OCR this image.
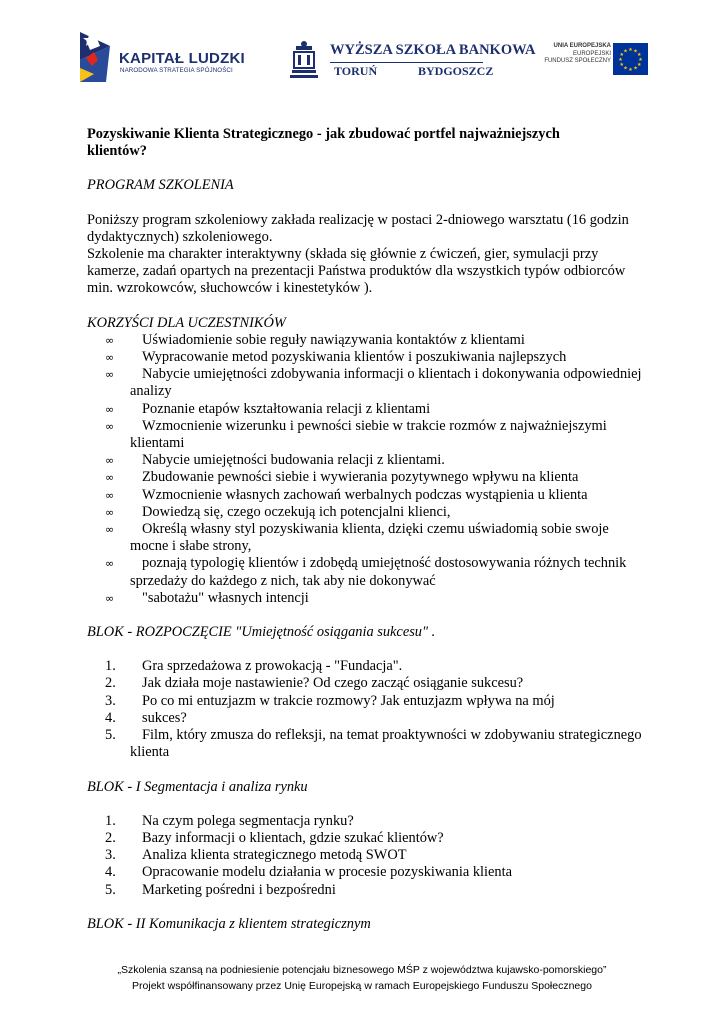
KAPITAŁ LUDZKI
NARODOWA STRATEGIA SPÓJNOŚCI
WYŻSZA SZKOŁA BANKOWA
TORUŃ	BYDGOSZCZ
UNIA EUROPEJSKA
EUROPEJSKI
FUNDUSZ SPOŁECZNY
★ ★
★
★
★
★
★
★
★
★
★
★

Pozyskiwanie Klienta Strategicznego - jak zbudować portfel najważniejszych
klientów?

PROGRAM SZKOLENIA

Poniższy program szkoleniowy zakłada realizację w postaci 2-dniowego warsztatu (16 godzin
dydaktycznych) szkoleniowego.
Szkolenie ma charakter interaktywny (składa się głównie z ćwiczeń, gier, symulacji przy
kamerze, zadań opartych na prezentacji Państwa produktów dla wszystkich typów odbiorców
min. wzrokowców, słuchowców i kinestetyków ).

KORZYŚCI DLA UCZESTNIKÓW

∞ Uświadomienie sobie reguły nawiązywania kontaktów z klientami
∞ Wypracowanie metod pozyskiwania klientów i poszukiwania najlepszych
∞ Nabycie umiejętności zdobywania informacji o klientach i dokonywania odpowiedniej analizy
∞ Poznanie etapów kształtowania relacji z klientami
∞ Wzmocnienie wizerunku i pewności siebie w trakcie rozmów z najważniejszymi klientami
∞ Nabycie umiejętności budowania relacji z klientami.
∞ Zbudowanie pewności siebie i wywierania pozytywnego wpływu na klienta
∞ Wzmocnienie własnych zachowań werbalnych podczas wystąpienia u klienta
∞ Dowiedzą się, czego oczekują ich potencjalni klienci,
∞ Określą własny styl pozyskiwania klienta, dzięki czemu uświadomią sobie swoje mocne i słabe strony,
∞ poznają typologię klientów i zdobędą umiejętność dostosowywania różnych technik sprzedaży do każdego z nich, tak aby nie dokonywać
∞ "sabotażu" własnych intencji

BLOK - ROZPOCZĘCIE "Umiejętność osiągania sukcesu" .

1. Gra sprzedażowa z prowokacją - "Fundacja".
2. Jak działa moje nastawienie? Od czego zacząć osiąganie sukcesu?
3. Po co mi entuzjazm w trakcie rozmowy? Jak entuzjazm wpływa na mój
4. sukces?
5. Film, który zmusza do refleksji, na temat proaktywności w zdobywaniu strategicznego klienta

BLOK - I Segmentacja i analiza rynku

1. Na czym polega segmentacja rynku?
2. Bazy informacji o klientach, gdzie szukać klientów?
3. Analiza klienta strategicznego metodą SWOT
4. Opracowanie modelu działania w procesie pozyskiwania klienta
5. Marketing pośredni i bezpośredni

BLOK - II Komunikacja z klientem strategicznym

„Szkolenia szansą na podniesienie potencjału biznesowego MŚP z województwa kujawsko-pomorskiego”
Projekt współfinansowany przez Unię Europejską w ramach Europejskiego Funduszu Społecznego
